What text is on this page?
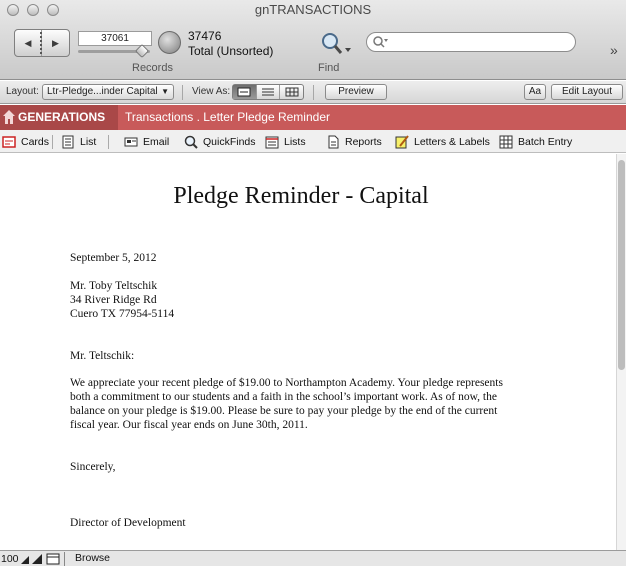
gnTRANSACTIONS
◀ ▶	37061
Records
37476
Total (Unsorted)
Find
»
Layout: Ltr-Pledge...inder Capital ▼ View As:	Preview	Aa	Edit Layout
GENERATIONS	Transactions . Letter Pledge Reminder
Cards	List	Email	QuickFinds	Lists	Reports	Letters & Labels	Batch Entry
Pledge Reminder - Capital
September 5, 2012
Mr. Toby Teltschik
34 River Ridge Rd
Cuero TX 77954-5114
Mr. Teltschik:
We appreciate your recent pledge of $19.00 to Northampton Academy. Your pledge represents
both a commitment to our students and a faith in the school’s important work. As of now, the
balance on your pledge is $19.00. Please be sure to pay your pledge by the end of the current
fiscal year. Our fiscal year ends on June 30th, 2011.
Sincerely,
Director of Development
100	Browse
